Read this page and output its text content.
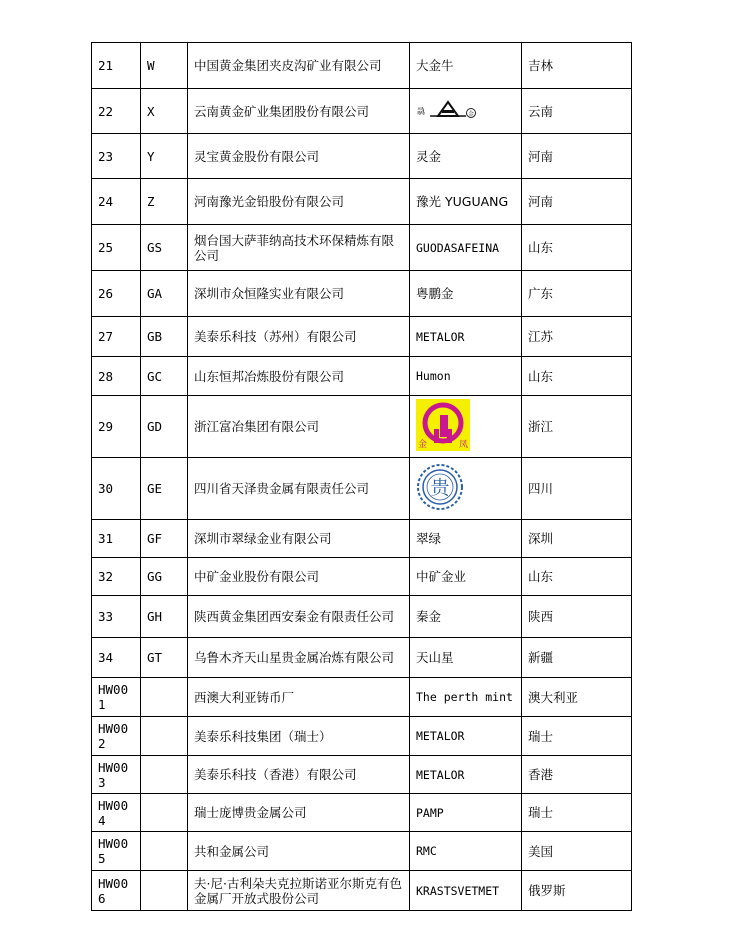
21	W	中国黄金集团夹皮沟矿业有限公司	大金牛	吉林
22	X	云南黄金矿业集团股份有限公司	骉 金	云南
23	Y	灵宝黄金股份有限公司	灵金	河南
24	Z	河南豫光金铅股份有限公司	豫光 YUGUANG	河南
25	GS	烟台国大萨菲纳高技术环保精炼有限公司	GUODASAFEINA	山东
26	GA	深圳市众恒隆实业有限公司	粤鹏金	广东
27	GB	美泰乐科技（苏州）有限公司	METALOR	江苏
28	GC	山东恒邦冶炼股份有限公司	Humon	山东
29	GD	浙江富冶集团有限公司	金 凤	浙江
30	GE	四川省天泽贵金属有限责任公司	贵	四川
31	GF	深圳市翠绿金业有限公司	翠绿	深圳
32	GG	中矿金业股份有限公司	中矿金业	山东
33	GH	陕西黄金集团西安秦金有限责任公司	秦金	陕西
34	GT	乌鲁木齐天山星贵金属冶炼有限公司	天山星	新疆
HW001		西澳大利亚铸币厂	The perth mint	澳大利亚
HW002		美泰乐科技集团（瑞士）	METALOR	瑞士
HW003		美泰乐科技（香港）有限公司	METALOR	香港
HW004		瑞士庞博贵金属公司	PAMP	瑞士
HW005		共和金属公司	RMC	美国
HW006		夫·尼·古利朵夫克拉斯诺亚尔斯克有色金属厂开放式股份公司	KRASTSVETMET	俄罗斯
